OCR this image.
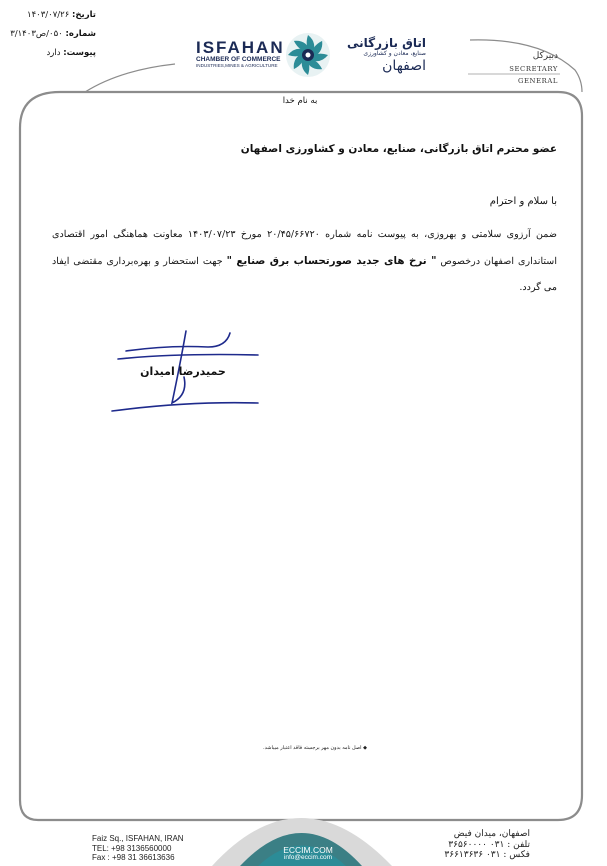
تاریخ: ۱۴۰۳/۰۷/۲۶
شماره: ۰۵۰/ص۳/۱۴۰۳
پیوست: دارد	ISFAHAN
CHAMBER OF COMMERCE
INDUSTRIES,MINES & AGRICULTURE
اتاق بازرگانی
صنایع، معادن و کشاورزی
اصفهان
دبیرکل
SECRETARY GENERAL
به نام خدا
عضو محترم اتاق بازرگانی، صنایع، معادن و کشاورزی اصفهان
با سلام و احترام
ضمن آرزوی سلامتی و بهروزی، به پیوست نامه شماره ۲۰/۴۵/۶۶۷۲۰ مورخ ۱۴۰۳/۰۷/۲۳ معاونت هماهنگی امور اقتصادی استانداری اصفهان درخصوص " نرخ های جدید صورتحساب برق صنایع " جهت استحضار و بهره‌برداری مقتضی ایفاد می گردد.
حمیدرضا امیدان
◆ اصل نامه بدون مهر برجسته فاقد اعتبار میباشد.
Faiz Sq., ISFAHAN, IRAN
TEL: +98 3136560000
Fax : +98 31 36613636
ECCIM.COM
info@eccim.com
اصفهان، میدان فیض
تلفن : ۰۳۱ ۳۶۵۶۰۰۰۰
فکس : ۰۳۱ ۳۶۶۱۳۶۳۶
